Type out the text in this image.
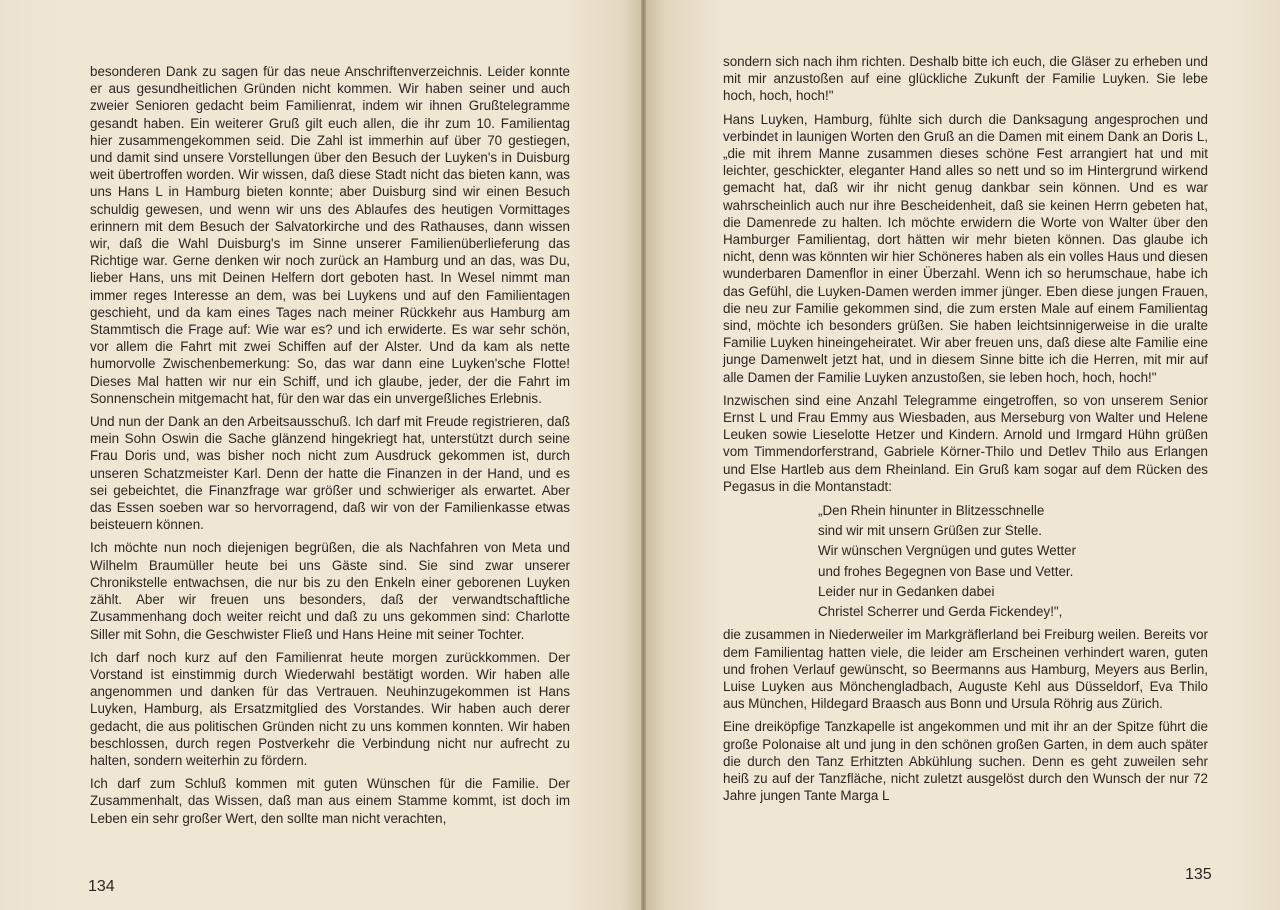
besonderen Dank zu sagen für das neue Anschriftenverzeichnis. Leider konnte er aus gesundheitlichen Gründen nicht kommen. Wir haben seiner und auch zweier Senioren gedacht beim Familienrat, indem wir ihnen Grußtelegramme gesandt haben. Ein weiterer Gruß gilt euch allen, die ihr zum 10. Familientag hier zusammengekommen seid. Die Zahl ist immerhin auf über 70 gestiegen, und damit sind unsere Vorstellungen über den Besuch der Luyken's in Duisburg weit übertroffen worden. Wir wissen, daß diese Stadt nicht das bieten kann, was uns Hans L in Hamburg bieten konnte; aber Duisburg sind wir einen Besuch schuldig gewesen, und wenn wir uns des Ablaufes des heutigen Vormittages erinnern mit dem Besuch der Salvatorkirche und des Rathauses, dann wissen wir, daß die Wahl Duisburg's im Sinne unserer Familienüberlieferung das Richtige war. Gerne denken wir noch zurück an Hamburg und an das, was Du, lieber Hans, uns mit Deinen Helfern dort geboten hast. In Wesel nimmt man immer reges Interesse an dem, was bei Luykens und auf den Familientagen geschieht, und da kam eines Tages nach meiner Rückkehr aus Hamburg am Stammtisch die Frage auf: Wie war es? und ich erwiderte. Es war sehr schön, vor allem die Fahrt mit zwei Schiffen auf der Alster. Und da kam als nette humorvolle Zwischenbemerkung: So, das war dann eine Luyken'sche Flotte! Dieses Mal hatten wir nur ein Schiff, und ich glaube, jeder, der die Fahrt im Sonnenschein mitgemacht hat, für den war das ein unvergeßliches Erlebnis.

Und nun der Dank an den Arbeitsausschuß. Ich darf mit Freude registrieren, daß mein Sohn Oswin die Sache glänzend hingekriegt hat, unterstützt durch seine Frau Doris und, was bisher noch nicht zum Ausdruck gekommen ist, durch unseren Schatzmeister Karl. Denn der hatte die Finanzen in der Hand, und es sei gebeichtet, die Finanzfrage war größer und schwieriger als erwartet. Aber das Essen soeben war so hervorragend, daß wir von der Familienkasse etwas beisteuern können.

Ich möchte nun noch diejenigen begrüßen, die als Nachfahren von Meta und Wilhelm Braumüller heute bei uns Gäste sind. Sie sind zwar unserer Chronikstelle entwachsen, die nur bis zu den Enkeln einer geborenen Luyken zählt. Aber wir freuen uns besonders, daß der verwandtschaftliche Zusammenhang doch weiter reicht und daß zu uns gekommen sind: Charlotte Siller mit Sohn, die Geschwister Fließ und Hans Heine mit seiner Tochter.

Ich darf noch kurz auf den Familienrat heute morgen zurückkommen. Der Vorstand ist einstimmig durch Wiederwahl bestätigt worden. Wir haben alle angenommen und danken für das Vertrauen. Neuhinzugekommen ist Hans Luyken, Hamburg, als Ersatzmitglied des Vorstandes. Wir haben auch derer gedacht, die aus politischen Gründen nicht zu uns kommen konnten. Wir haben beschlossen, durch regen Postverkehr die Verbindung nicht nur aufrecht zu halten, sondern weiterhin zu fördern.

Ich darf zum Schluß kommen mit guten Wünschen für die Familie. Der Zusammenhalt, das Wissen, daß man aus einem Stamme kommt, ist doch im Leben ein sehr großer Wert, den sollte man nicht verachten,

134

sondern sich nach ihm richten. Deshalb bitte ich euch, die Gläser zu erheben und mit mir anzustoßen auf eine glückliche Zukunft der Familie Luyken. Sie lebe hoch, hoch, hoch!"

Hans Luyken, Hamburg, fühlte sich durch die Danksagung angesprochen und verbindet in launigen Worten den Gruß an die Damen mit einem Dank an Doris L, „die mit ihrem Manne zusammen dieses schöne Fest arrangiert hat und mit leichter, geschickter, eleganter Hand alles so nett und so im Hintergrund wirkend gemacht hat, daß wir ihr nicht genug dankbar sein können. Und es war wahrscheinlich auch nur ihre Bescheidenheit, daß sie keinen Herrn gebeten hat, die Damenrede zu halten. Ich möchte erwidern die Worte von Walter über den Hamburger Familientag, dort hätten wir mehr bieten können. Das glaube ich nicht, denn was könnten wir hier Schöneres haben als ein volles Haus und diesen wunderbaren Damenflor in einer Überzahl. Wenn ich so herumschaue, habe ich das Gefühl, die Luyken-Damen werden immer jünger. Eben diese jungen Frauen, die neu zur Familie gekommen sind, die zum ersten Male auf einem Familientag sind, möchte ich besonders grüßen. Sie haben leichtsinnigerweise in die uralte Familie Luyken hineingeheiratet. Wir aber freuen uns, daß diese alte Familie eine junge Damenwelt jetzt hat, und in diesem Sinne bitte ich die Herren, mit mir auf alle Damen der Familie Luyken anzustoßen, sie leben hoch, hoch, hoch!"

Inzwischen sind eine Anzahl Telegramme eingetroffen, so von unserem Senior Ernst L und Frau Emmy aus Wiesbaden, aus Merseburg von Walter und Helene Leuken sowie Lieselotte Hetzer und Kindern. Arnold und Irmgard Hühn grüßen vom Timmendorferstrand, Gabriele Körner-Thilo und Detlev Thilo aus Erlangen und Else Hartleb aus dem Rheinland. Ein Gruß kam sogar auf dem Rücken des Pegasus in die Montanstadt:

„Den Rhein hinunter in Blitzesschnelle
sind wir mit unsern Grüßen zur Stelle.
Wir wünschen Vergnügen und gutes Wetter
und frohes Begegnen von Base und Vetter.
Leider nur in Gedanken dabei
Christel Scherrer und Gerda Fickendey!",

die zusammen in Niederweiler im Markgräflerland bei Freiburg weilen. Bereits vor dem Familientag hatten viele, die leider am Erscheinen verhindert waren, guten und frohen Verlauf gewünscht, so Beermanns aus Hamburg, Meyers aus Berlin, Luise Luyken aus Mönchengladbach, Auguste Kehl aus Düsseldorf, Eva Thilo aus München, Hildegard Braasch aus Bonn und Ursula Röhrig aus Zürich.

Eine dreiköpfige Tanzkapelle ist angekommen und mit ihr an der Spitze führt die große Polonaise alt und jung in den schönen großen Garten, in dem auch später die durch den Tanz Erhitzten Abkühlung suchen. Denn es geht zuweilen sehr heiß zu auf der Tanzfläche, nicht zuletzt ausgelöst durch den Wunsch der nur 72 Jahre jungen Tante Marga L

135
